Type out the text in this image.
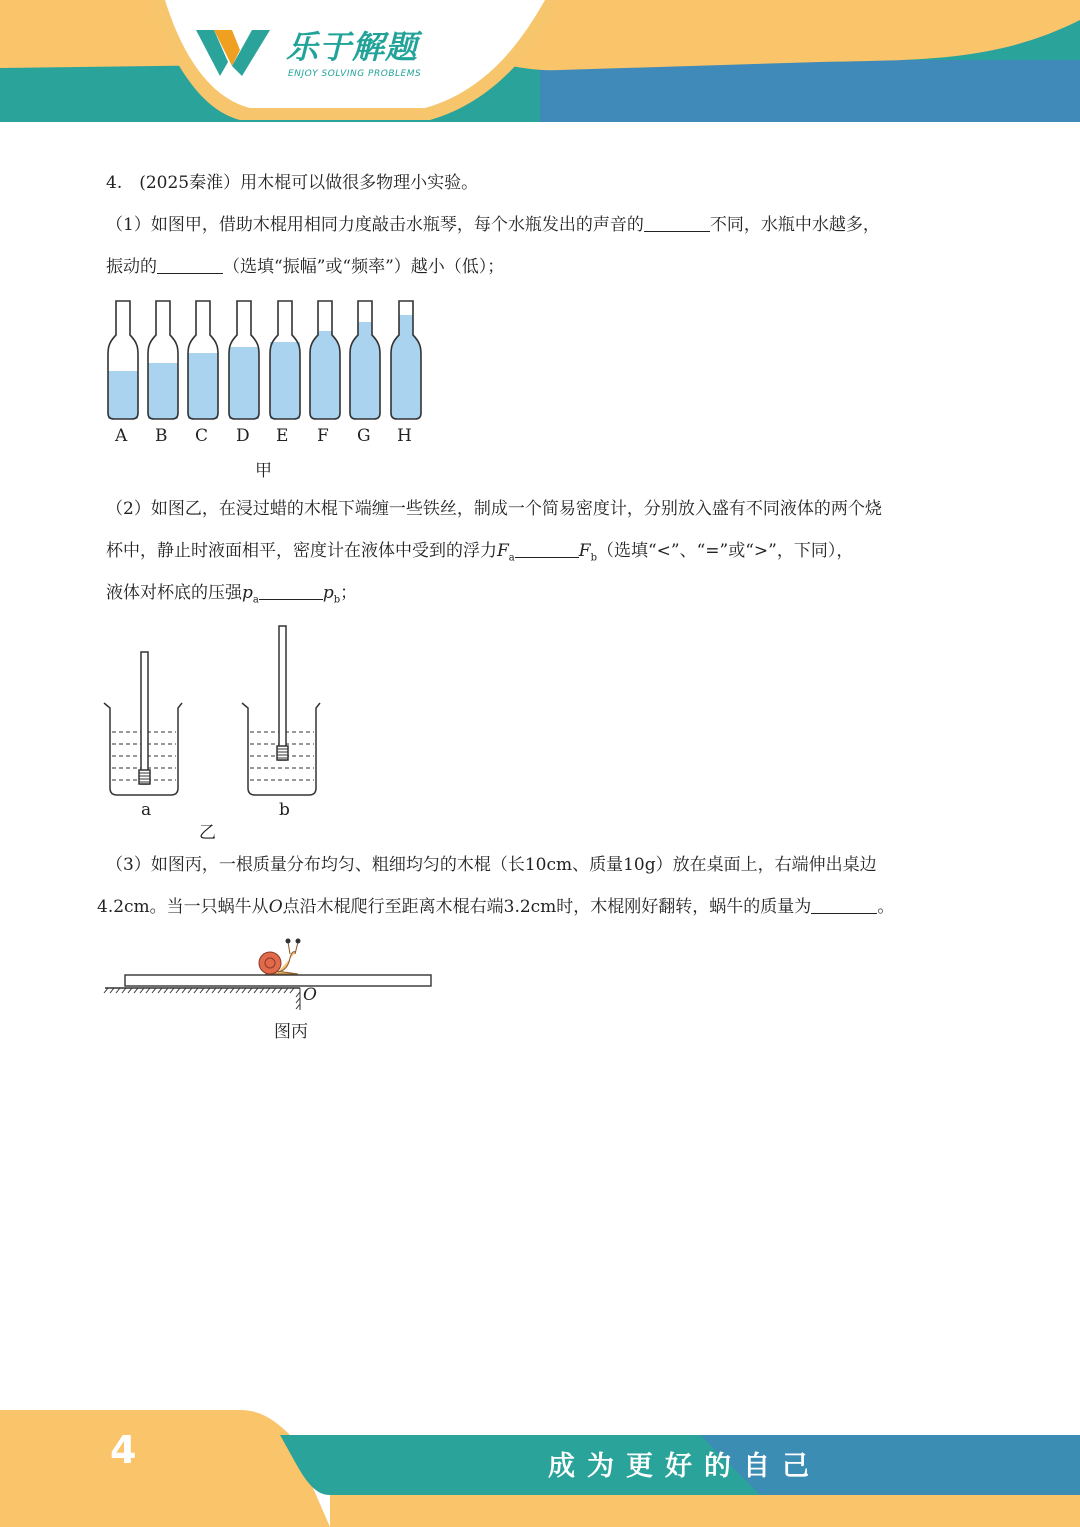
乐于解题
ENJOY SOLVING PROBLEMS
4.　(2025秦淮）用木棍可以做很多物理小实验。
（1）如图甲，借助木棍用相同力度敲击水瓶琴，每个水瓶发出的声音的	不同，水瓶中水越多，
振动的	（选填“振幅”或“频率”）越小（低）；
A B C D E F G H
甲
（2）如图乙，在浸过蜡的木棍下端缠一些铁丝，制成一个简易密度计，分别放入盛有不同液体的两个烧
杯中，静止时液面相平，密度计在液体中受到的浮力$F_a$	$F_b$（选填“<”、“=”或“>”，下同），
液体对杯底的压强$p_a$	$p_b$；
a	b
乙
（3）如图丙，一根质量分布均匀、粗细均匀的木棍（长10cm、质量10g）放在桌面上，右端伸出桌边
4.2cm。当一只蜗牛从O点沿木棍爬行至距离木棍右端3.2cm时，木棍刚好翻转，蜗牛的质量为	。
O
图丙
4	成为更好的自己
